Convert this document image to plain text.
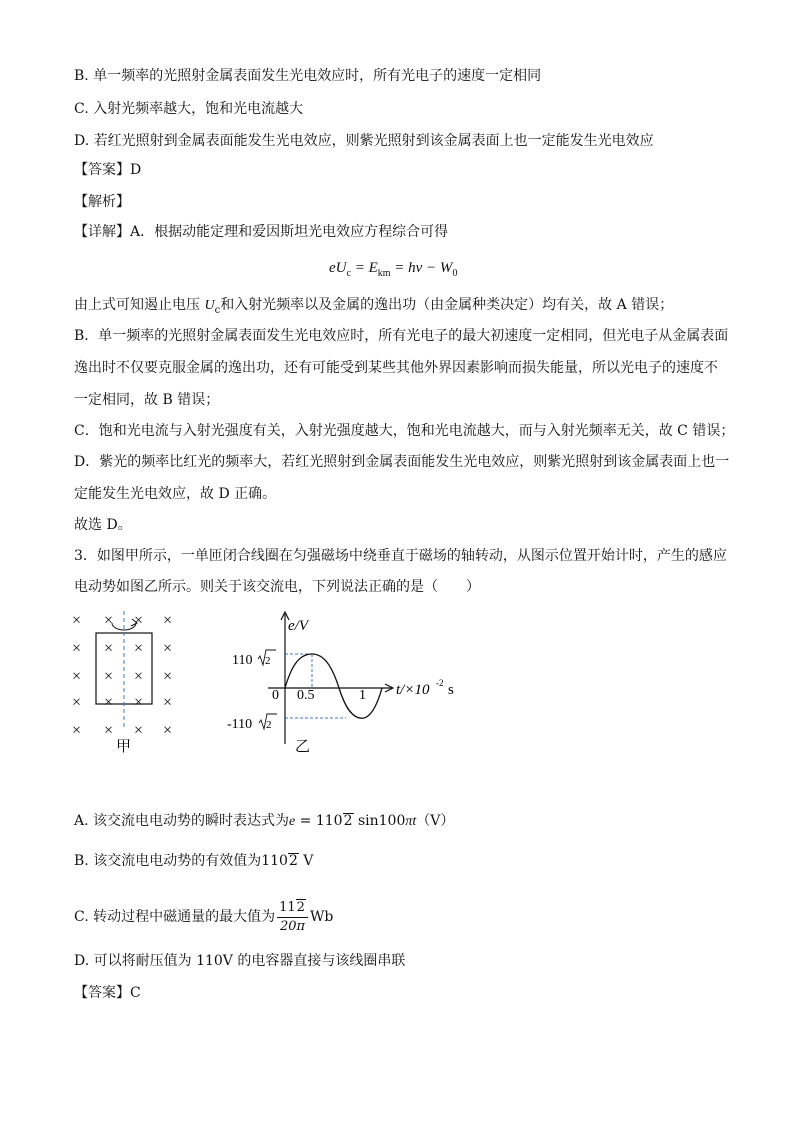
B. 单一频率的光照射金属表面发生光电效应时，所有光电子的速度一定相同
C. 入射光频率越大，饱和光电流越大
D. 若红光照射到金属表面能发生光电效应，则紫光照射到该金属表面上也一定能发生光电效应
【答案】D
【解析】
【详解】A．根据动能定理和爱因斯坦光电效应方程综合可得
$eU_c = E_{km} = h\nu - W_0$
由上式可知遏止电压 $U_c$和入射光频率以及金属的逸出功（由金属种类决定）均有关，故 A 错误；
B．单一频率的光照射金属表面发生光电效应时，所有光电子的最大初速度一定相同，但光电子从金属表面
逸出时不仅要克服金属的逸出功，还有可能受到某些其他外界因素影响而损失能量，所以光电子的速度不
一定相同，故 B 错误；
C．饱和光电流与入射光强度有关，入射光强度越大，饱和光电流越大，而与入射光频率无关，故 C 错误；
D．紫光的频率比红光的频率大，若红光照射到金属表面能发生光电效应，则紫光照射到该金属表面上也一
定能发生光电效应，故 D 正确。
故选 D。
3．如图甲所示，一单匝闭合线圈在匀强磁场中绕垂直于磁场的轴转动，从图示位置开始计时，产生的感应
电动势如图乙所示。则关于该交流电，下列说法正确的是（　　）
× × × ×
× × × ×
× × × ×
× × × ×
× × × ×
甲
e/V
110 2
0 0.5	1
-110 2
t/×10 -2 s
乙
A. 该交流电电动势的瞬时表达式为e = 1102 sin100πt（V）
B. 该交流电电动势的有效值为1102 V
C. 转动过程中磁通量的最大值为 $\frac{112}{20\pi}$ Wb
D. 可以将耐压值为 110V 的电容器直接与该线圈串联
【答案】C
